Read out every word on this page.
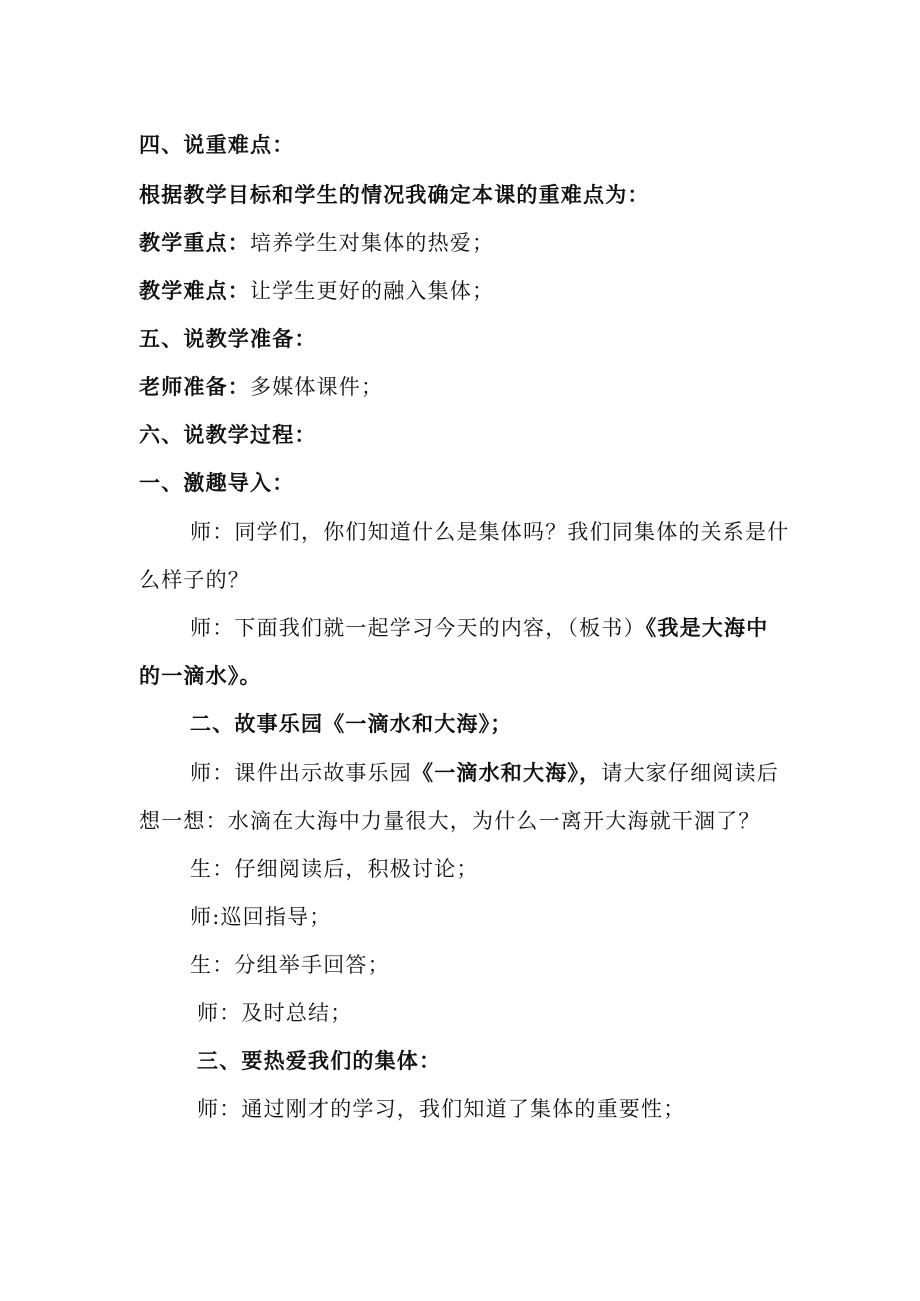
四、说重难点：
根据教学目标和学生的情况我确定本课的重难点为：
教学重点：培养学生对集体的热爱；
教学难点：让学生更好的融入集体；
五、说教学准备：
老师准备：多媒体课件；
六、说教学过程：
一、激趣导入：
师：同学们，你们知道什么是集体吗？我们同集体的关系是什
么样子的？
师：下面我们就一起学习今天的内容，（板书）《我是大海中
的一滴水》。
二、故事乐园《一滴水和大海》；
师：课件出示故事乐园《一滴水和大海》，请大家仔细阅读后
想一想：水滴在大海中力量很大，为什么一离开大海就干涸了？
生：仔细阅读后，积极讨论；
师:巡回指导；
生：分组举手回答；
师：及时总结；
三、要热爱我们的集体：
师：通过刚才的学习，我们知道了集体的重要性；
